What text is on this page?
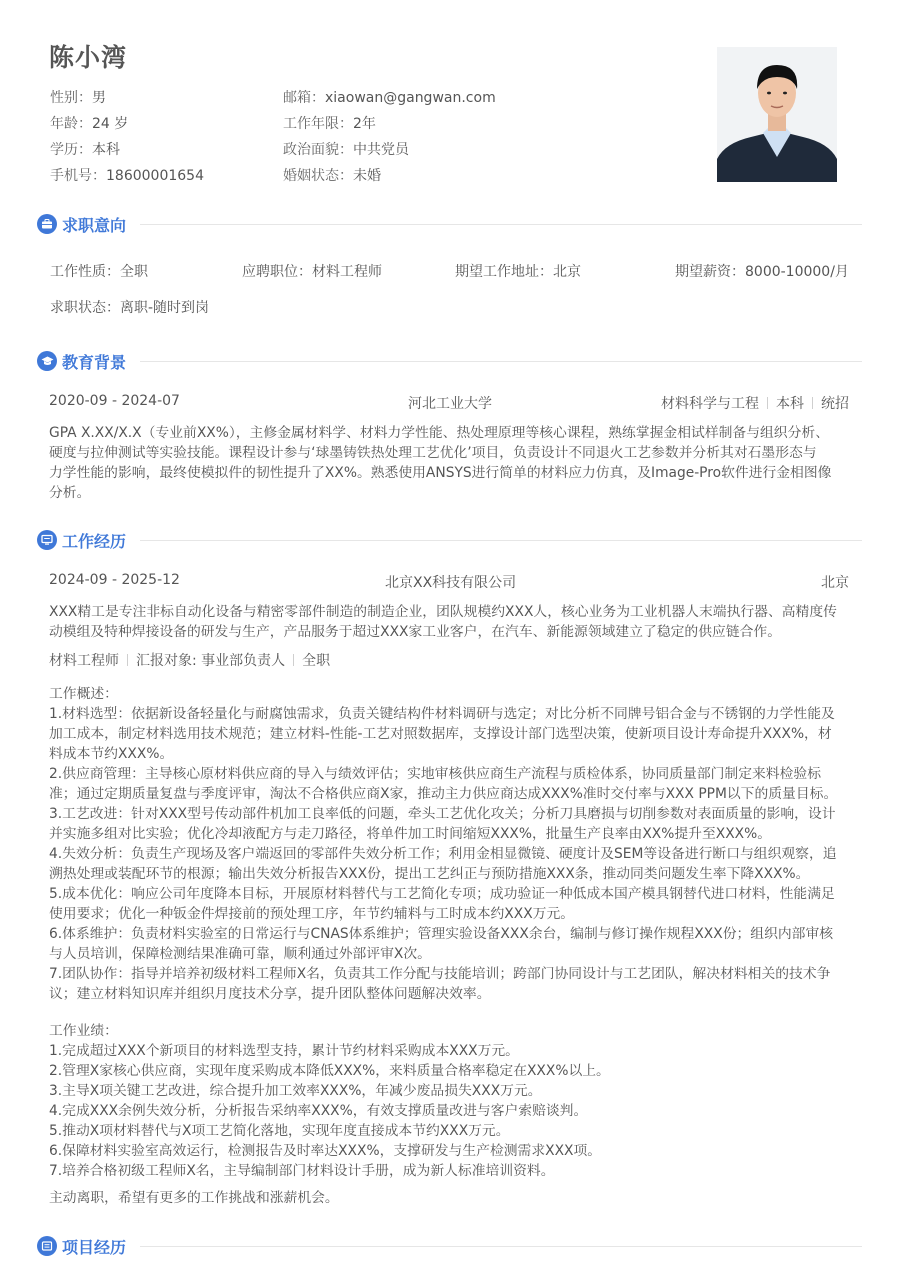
陈小湾
性别：男
年龄：24 岁
学历：本科
手机号：18600001654
邮箱：xiaowan@gangwan.com
工作年限：2年
政治面貌：中共党员
婚姻状态：未婚
求职意向
工作性质：全职	应聘职位：材料工程师	期望工作地址：北京	期望薪资：8000-10000/月
求职状态：离职-随时到岗
教育背景
2020-09 - 2024-07	河北工业大学	材料科学与工程 本科 统招

GPA X.XX/X.X（专业前XX%），主修金属材料学、材料力学性能、热处理原理等核心课程，熟练掌握金相试样制备与组织分析、

硬度与拉伸测试等实验技能。课程设计参与‘球墨铸铁热处理工艺优化’项目，负责设计不同退火工艺参数并分析其对石墨形态与

力学性能的影响，最终使模拟件的韧性提升了XX%。熟悉使用ANSYS进行简单的材料应力仿真，及Image-Pro软件进行金相图像

分析。

工作经历
2024-09 - 2025-12	北京XX科技有限公司	北京

XXX精工是专注非标自动化设备与精密零部件制造的制造企业，团队规模约XXX人，核心业务为工业机器人末端执行器、高精度传

动模组及特种焊接设备的研发与生产，产品服务于超过XXX家工业客户，在汽车、新能源领域建立了稳定的供应链合作。

材料工程师 汇报对象: 事业部负责人 全职

工作概述：

1.材料选型：依据新设备轻量化与耐腐蚀需求，负责关键结构件材料调研与选定；对比分析不同牌号铝合金与不锈钢的力学性能及

加工成本，制定材料选用技术规范；建立材料-性能-工艺对照数据库，支撑设计部门选型决策，使新项目设计寿命提升XXX%，材

料成本节约XXX%。

2.供应商管理：主导核心原材料供应商的导入与绩效评估；实地审核供应商生产流程与质检体系，协同质量部门制定来料检验标

准；通过定期质量复盘与季度评审，淘汰不合格供应商X家，推动主力供应商达成XXX%准时交付率与XXX PPM以下的质量目标。

3.工艺改进：针对XXX型号传动部件机加工良率低的问题，牵头工艺优化攻关；分析刀具磨损与切削参数对表面质量的影响，设计

并实施多组对比实验；优化冷却液配方与走刀路径，将单件加工时间缩短XXX%，批量生产良率由XX%提升至XXX%。

4.失效分析：负责生产现场及客户端返回的零部件失效分析工作；利用金相显微镜、硬度计及SEM等设备进行断口与组织观察，追

溯热处理或装配环节的根源；输出失效分析报告XXX份，提出工艺纠正与预防措施XXX条，推动同类问题发生率下降XXX%。

5.成本优化：响应公司年度降本目标，开展原材料替代与工艺简化专项；成功验证一种低成本国产模具钢替代进口材料，性能满足

使用要求；优化一种钣金件焊接前的预处理工序，年节约辅料与工时成本约XXX万元。

6.体系维护：负责材料实验室的日常运行与CNAS体系维护；管理实验设备XXX余台，编制与修订操作规程XXX份；组织内部审核

与人员培训，保障检测结果准确可靠，顺利通过外部评审X次。

7.团队协作：指导并培养初级材料工程师X名，负责其工作分配与技能培训；跨部门协同设计与工艺团队，解决材料相关的技术争

议；建立材料知识库并组织月度技术分享，提升团队整体问题解决效率。

工作业绩：

1.完成超过XXX个新项目的材料选型支持，累计节约材料采购成本XXX万元。

2.管理X家核心供应商，实现年度采购成本降低XXX%，来料质量合格率稳定在XXX%以上。

3.主导X项关键工艺改进，综合提升加工效率XXX%，年减少废品损失XXX万元。

4.完成XXX余例失效分析，分析报告采纳率XXX%，有效支撑质量改进与客户索赔谈判。

5.推动X项材料替代与X项工艺简化落地，实现年度直接成本节约XXX万元。

6.保障材料实验室高效运行，检测报告及时率达XXX%，支撑研发与生产检测需求XXX项。

7.培养合格初级工程师X名，主导编制部门材料设计手册，成为新人标准培训资料。

主动离职，希望有更多的工作挑战和涨薪机会。
项目经历
